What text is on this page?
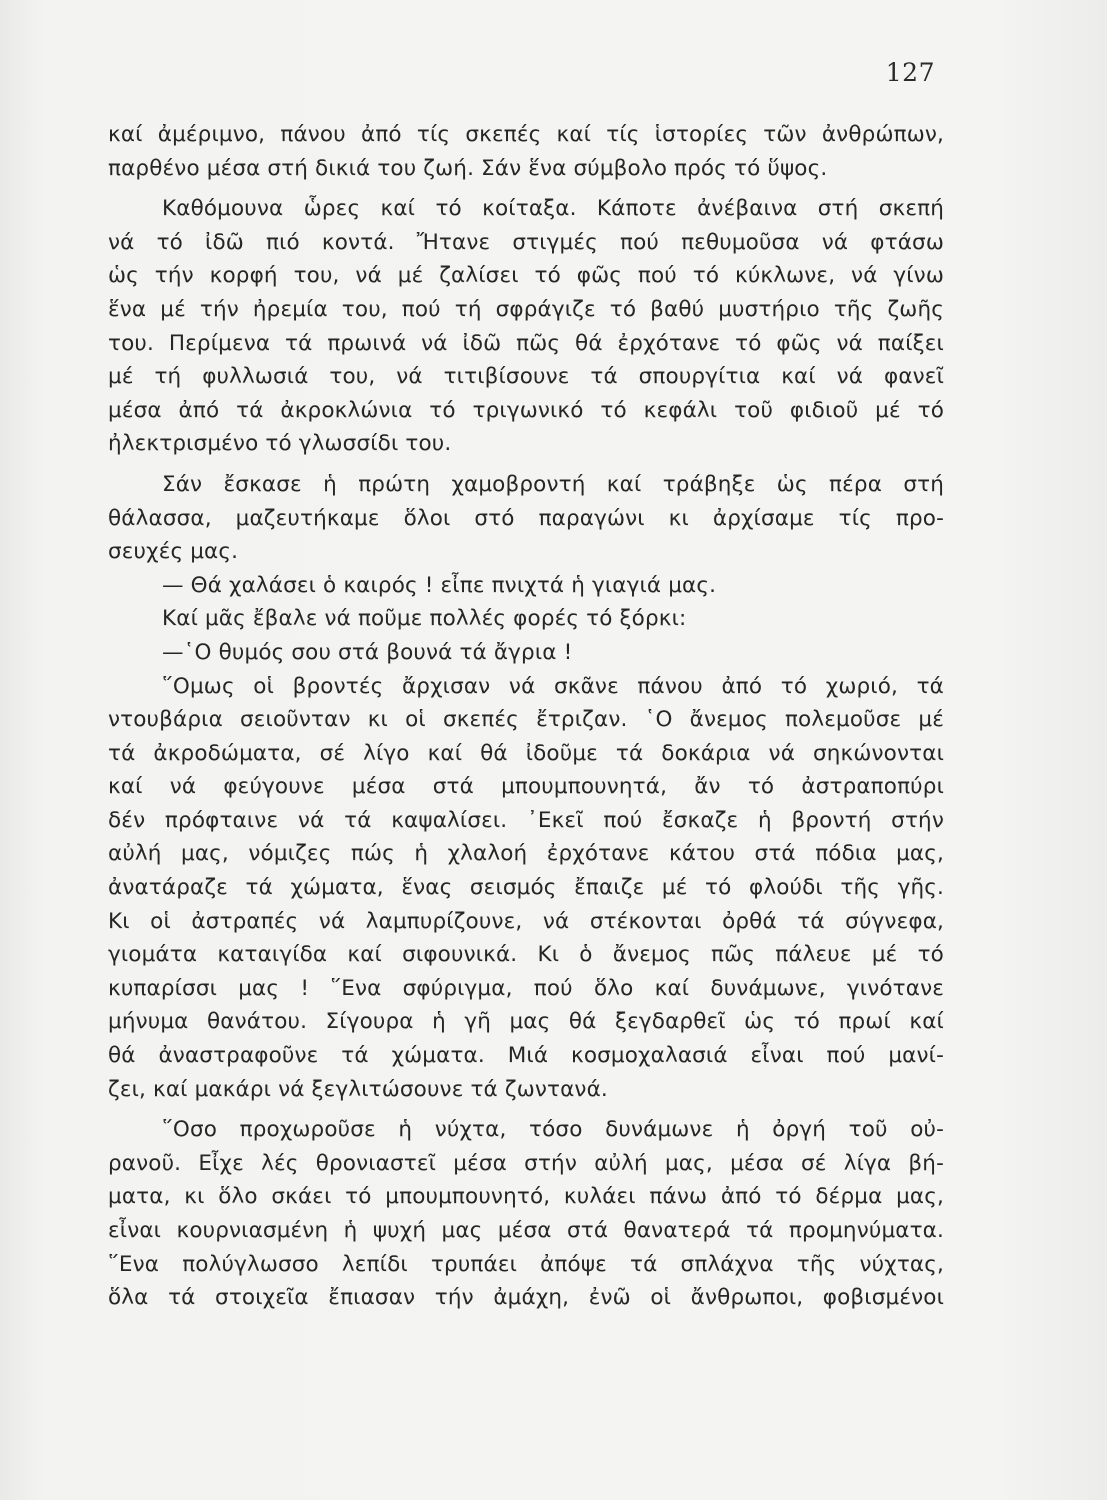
127
καί ἀμέριμνο, πάνου ἀπό τίς σκεπές καί τίς ἱστορίες τῶν ἀνθρώπων,
παρθένο μέσα στή δικιά του ζωή. Σάν ἕνα σύμβολο πρός τό ὕψος.
Καθόμουνα ὧρες καί τό κοίταξα. Κάποτε ἀνέβαινα στή σκεπή
νά τό ἰδῶ πιό κοντά. Ἤτανε στιγμές πού πεθυμοῦσα νά φτάσω
ὡς τήν κορφή του, νά μέ ζαλίσει τό φῶς πού τό κύκλωνε, νά γίνω
ἕνα μέ τήν ἠρεμία του, πού τή σφράγιζε τό βαθύ μυστήριο τῆς ζωῆς
του. Περίμενα τά πρωινά νά ἰδῶ πῶς θά ἐρχότανε τό φῶς νά παίξει
μέ τή φυλλωσιά του, νά τιτιβίσουνε τά σπουργίτια καί νά φανεῖ
μέσα ἀπό τά ἀκροκλώνια τό τριγωνικό τό κεφάλι τοῦ φιδιοῦ μέ τό
ἠλεκτρισμένο τό γλωσσίδι του.
Σάν ἔσκασε ἡ πρώτη χαμοβροντή καί τράβηξε ὡς πέρα στή
θάλασσα, μαζευτήκαμε ὅλοι στό παραγώνι κι ἀρχίσαμε τίς προ-
σευχές μας.
— Θά χαλάσει ὁ καιρός ! εἶπε πνιχτά ἡ γιαγιά μας.
Καί μᾶς ἔβαλε νά ποῦμε πολλές φορές τό ξόρκι:
—῾Ο θυμός σου στά βουνά τά ἄγρια !
῞Ομως οἱ βροντές ἄρχισαν νά σκᾶνε πάνου ἀπό τό χωριό, τά
ντουβάρια σειοῦνταν κι οἱ σκεπές ἔτριζαν. ῾Ο ἄνεμος πολεμοῦσε μέ
τά ἀκροδώματα, σέ λίγο καί θά ἰδοῦμε τά δοκάρια νά σηκώνονται
καί νά φεύγουνε μέσα στά μπουμπουνητά, ἄν τό ἀστραποπύρι
δέν πρόφταινε νά τά καψαλίσει. ᾿Εκεῖ πού ἔσκαζε ἡ βροντή στήν
αὐλή μας, νόμιζες πώς ἡ χλαλοή ἐρχότανε κάτου στά πόδια μας,
ἀνατάραζε τά χώματα, ἕνας σεισμός ἔπαιζε μέ τό φλούδι τῆς γῆς.
Κι οἱ ἀστραπές νά λαμπυρίζουνε, νά στέκονται ὀρθά τά σύγνεφα,
γιομάτα καταιγίδα καί σιφουνικά. Κι ὁ ἄνεμος πῶς πάλευε μέ τό
κυπαρίσσι μας ! ῞Ενα σφύριγμα, πού ὅλο καί δυνάμωνε, γινότανε
μήνυμα θανάτου. Σίγουρα ἡ γῆ μας θά ξεγδαρθεῖ ὡς τό πρωί καί
θά ἀναστραφοῦνε τά χώματα. Μιά κοσμοχαλασιά εἶναι πού μανί-
ζει, καί μακάρι νά ξεγλιτώσουνε τά ζωντανά.
῞Οσο προχωροῦσε ἡ νύχτα, τόσο δυνάμωνε ἡ ὀργή τοῦ οὐ-
ρανοῦ. Εἶχε λές θρονιαστεῖ μέσα στήν αὐλή μας, μέσα σέ λίγα βή-
ματα, κι ὅλο σκάει τό μπουμπουνητό, κυλάει πάνω ἀπό τό δέρμα μας,
εἶναι κουρνιασμένη ἡ ψυχή μας μέσα στά θανατερά τά προμηνύματα.
῞Ενα πολύγλωσσο λεπίδι τρυπάει ἀπόψε τά σπλάχνα τῆς νύχτας,
ὅλα τά στοιχεῖα ἔπιασαν τήν ἀμάχη, ἐνῶ οἱ ἄνθρωποι, φοβισμένοι
